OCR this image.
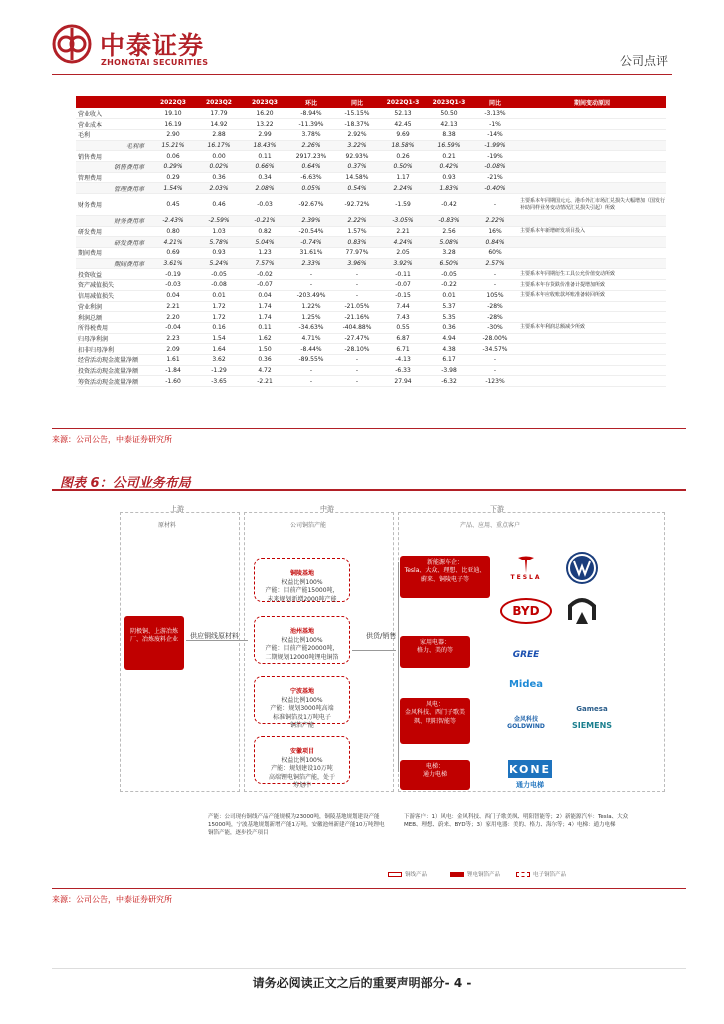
中泰证券
ZHONGTAI SECURITIES	公司点评
	2022Q3	2023Q2	2023Q3	环比	同比	2022Q1-3	2023Q1-3	同比	期间变动原因
营业收入	19.10	17.79	16.20	-8.94%	-15.15%	52.13	50.50	-3.13%	
营业成本	16.19	14.92	13.22	-11.39%	-18.37%	42.45	42.13	-1%	
毛利	2.90	2.88	2.99	3.78%	2.92%	9.69	8.38	-14%	
毛利率	15.21%	16.17%	18.43%	2.26%	3.22%	18.58%	16.59%	-1.99%	
销售费用	0.06	0.00	0.11	2917.23%	92.93%	0.26	0.21	-19%	
销售费用率	0.29%	0.02%	0.66%	0.64%	0.37%	0.50%	0.42%	-0.08%	
管理费用	0.29	0.36	0.34	-6.63%	14.58%	1.17	0.93	-21%	
管理费用率	1.54%	2.03%	2.08%	0.05%	0.54%	2.24%	1.83%	-0.40%	
财务费用	0.45	0.46	-0.03	-92.67%	-92.72%	-1.59	-0.42	-	主要系本年同期国元元、港币外汇市场汇兑损失大幅增加（国发行补助同样业务变动情况汇兑损失引起）所致
财务费用率	-2.43%	-2.59%	-0.21%	2.39%	2.22%	-3.05%	-0.83%	2.22%	
研发费用	0.80	1.03	0.82	-20.54%	1.57%	2.21	2.56	16%	主要系本年新增研发项目投入
研发费用率	4.21%	5.78%	5.04%	-0.74%	0.83%	4.24%	5.08%	0.84%	
期间费用	0.69	0.93	1.23	31.61%	77.97%	2.05	3.28	60%	
期间费用率	3.61%	5.24%	7.57%	2.33%	3.96%	3.92%	6.50%	2.57%	
投资收益	-0.19	-0.05	-0.02	-	-	-0.11	-0.05	-	主要系本年同期衍生工具公允价值变动所致
资产减值损失	-0.03	-0.08	-0.07	-	-	-0.07	-0.22	-	主要系本年存货跌价准备计提增加所致
信用减值损失	0.04	0.01	0.04	-203.49%	-	-0.15	0.01	105%	主要系本年应收账款坏账准备转回所致
营业利润	2.21	1.72	1.74	1.22%	-21.05%	7.44	5.37	-28%	
利润总额	2.20	1.72	1.74	1.25%	-21.16%	7.43	5.35	-28%	
所得税费用	-0.04	0.16	0.11	-34.63%	-404.88%	0.55	0.36	-30%	主要系本年利润总额减少所致
归母净利润	2.23	1.54	1.62	4.71%	-27.47%	6.87	4.94	-28.00%	
扣非归母净利	2.09	1.64	1.50	-8.44%	-28.10%	6.71	4.38	-34.57%	
经营活动现金流量净额	1.61	3.62	0.36	-89.55%	-	-4.13	6.17	-	
投资活动现金流量净额	-1.84	-1.29	4.72	-	-	-6.33	-3.98	-	
筹资活动现金流量净额	-1.60	-3.65	-2.21	-	-	27.94	-6.32	-123%	
来源：公司公告，中泰证券研究所
图表 6：公司业务布局
上游	中游	下游
原材料	公司铜箔产能	产品、应用、重点客户
阴极铜、上游冶炼厂、冶炼废料企业	供应铜线原材料	供货/销售

铜陵基地
权益比例100%
产能：目前产能15000吨，
未来规划新增2000吨产能

池州基地
权益比例100%
产能：目前产能20000吨，
二期规划12000吨锂电铜箔

宁波基地
权益比例100%
产能：规划3000吨高端
标准铜箔及1万吨电子
铜箔产能

安徽项目
权益比例100%
产能：规划建设10万吨
高端锂电铜箔产能，处于
筹划中

新能源车企：
Tesla、大众、理想、比亚迪、蔚来、铜陵电子等
家用电器：
格力、美的等
风电：
金风科技、西门子歌美飒、明阳智能等
电梯：
通力电梯
TESLA
BYD
GREE
Midea
金风科技 GOLDWIND
Gamesa
SIEMENS
KONE
通力电梯
产能：公司现有铜线产品产能规模为23000吨，铜陵基地规划建设产能15000吨，宁波基地规划新增产能1万吨，安徽池州新建产能10万吨锂电铜箔产能，逐步投产项目
下游客户：1）风电：金风科技、西门子歌美飒、明阳智能等；2）新能源汽车：Tesla、大众MEB、理想、蔚来、BYD等；3）家用电器：美的、格力、海尔等；4）电梯：通力电梯
铜线产品	锂电铜箔产品	电子铜箔产品
来源：公司公告，中泰证券研究所
请务必阅读正文之后的重要声明部分- 4 -
